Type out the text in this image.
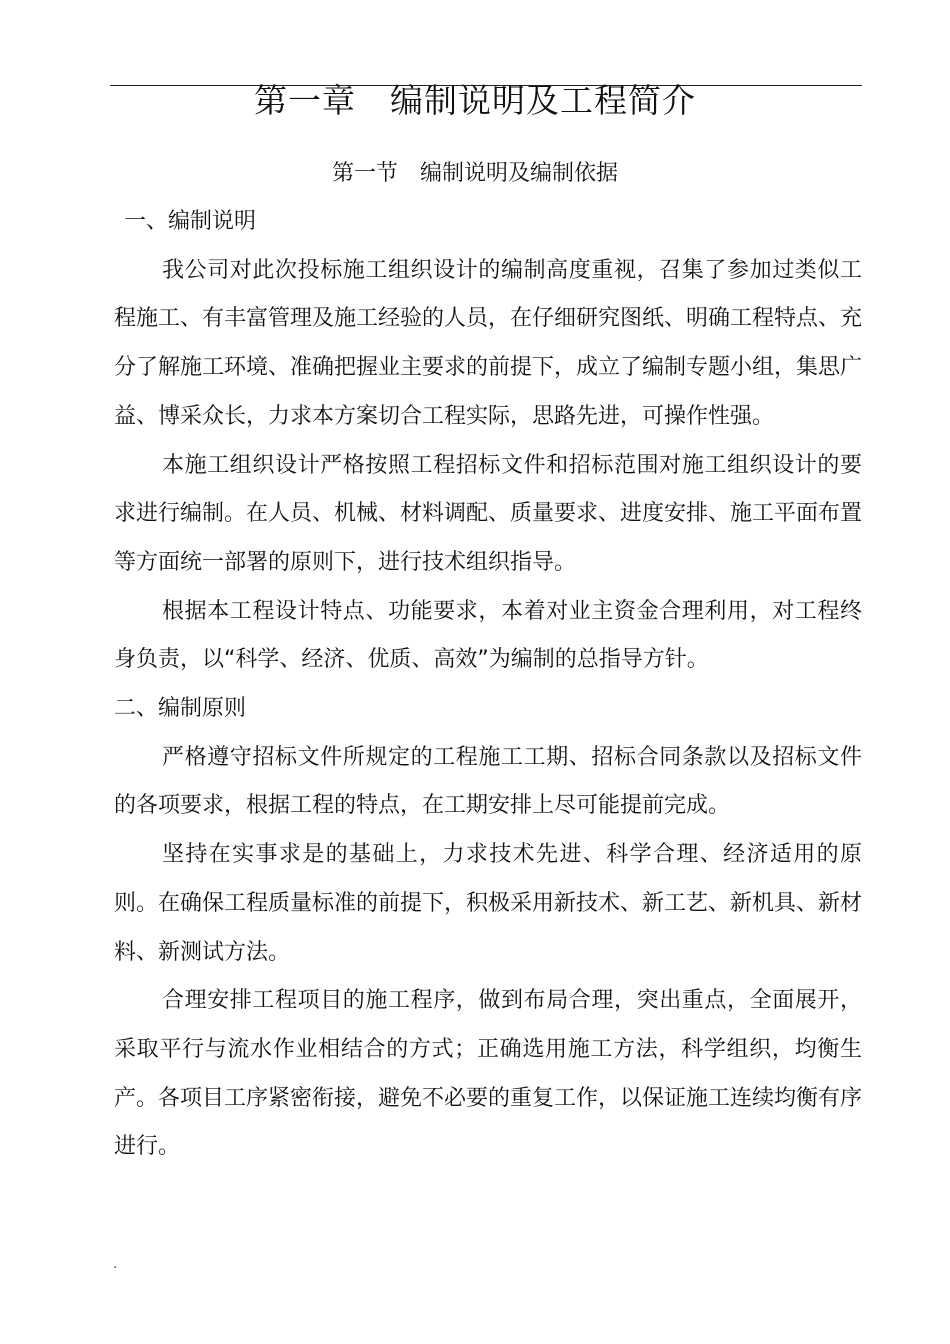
第一章　编制说明及工程简介
第一节　编制说明及编制依据

一、编制说明

我公司对此次投标施工组织设计的编制高度重视，召集了参加过类似工程施工、有丰富管理及施工经验的人员，在仔细研究图纸、明确工程特点、充分了解施工环境、准确把握业主要求的前提下，成立了编制专题小组，集思广益、博采众长，力求本方案切合工程实际，思路先进，可操作性强。

本施工组织设计严格按照工程招标文件和招标范围对施工组织设计的要求进行编制。在人员、机械、材料调配、质量要求、进度安排、施工平面布置等方面统一部署的原则下，进行技术组织指导。

根据本工程设计特点、功能要求，本着对业主资金合理利用，对工程终身负责，以“科学、经济、优质、高效”为编制的总指导方针。

二、编制原则

严格遵守招标文件所规定的工程施工工期、招标合同条款以及招标文件的各项要求，根据工程的特点，在工期安排上尽可能提前完成。

坚持在实事求是的基础上，力求技术先进、科学合理、经济适用的原则。在确保工程质量标准的前提下，积极采用新技术、新工艺、新机具、新材料、新测试方法。

合理安排工程项目的施工程序，做到布局合理，突出重点，全面展开，采取平行与流水作业相结合的方式；正确选用施工方法，科学组织，均衡生产。各项目工序紧密衔接，避免不必要的重复工作，以保证施工连续均衡有序进行。

.
